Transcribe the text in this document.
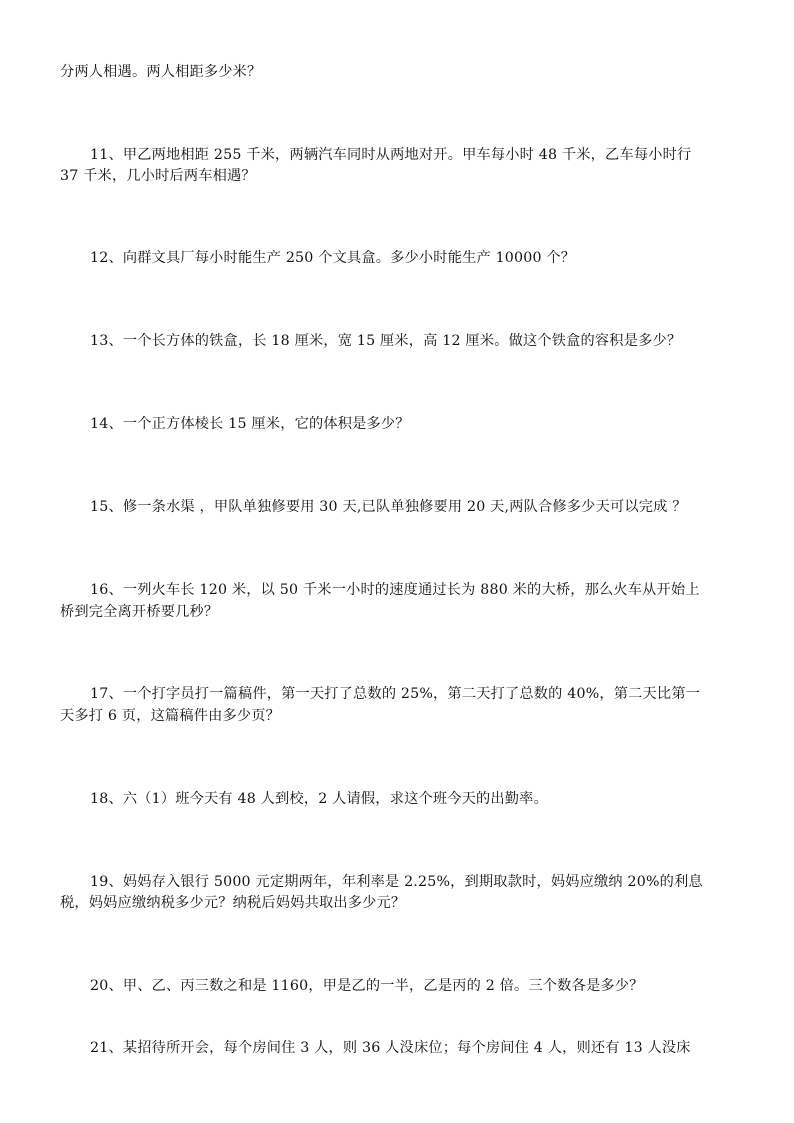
分两人相遇。两人相距多少米？
11、甲乙两地相距 255 千米，两辆汽车同时从两地对开。甲车每小时 48 千米，乙车每小时行
37 千米，几小时后两车相遇？
12、向群文具厂每小时能生产 250 个文具盒。多少小时能生产 10000 个？
13、一个长方体的铁盒，长 18 厘米，宽 15 厘米，高 12 厘米。做这个铁盒的容积是多少？
14、一个正方体棱长 15 厘米，它的体积是多少？
15、修一条水渠 ，甲队单独修要用 30 天,已队单独修要用 20 天,两队合修多少天可以完成 ？
16、一列火车长 120 米，以 50 千米一小时的速度通过长为 880 米的大桥，那么火车从开始上
桥到完全离开桥要几秒？
17、一个打字员打一篇稿件，第一天打了总数的 25%，第二天打了总数的 40%，第二天比第一
天多打 6 页，这篇稿件由多少页？
18、六（1）班今天有 48 人到校，2 人请假，求这个班今天的出勤率。
19、妈妈存入银行 5000 元定期两年，年利率是 2.25%，到期取款时，妈妈应缴纳 20%的利息
税，妈妈应缴纳税多少元？纳税后妈妈共取出多少元？
20、甲、乙、丙三数之和是 1160，甲是乙的一半，乙是丙的 2 倍。三个数各是多少？
21、某招待所开会，每个房间住 3 人，则 36 人没床位；每个房间住 4 人，则还有 13 人没床
